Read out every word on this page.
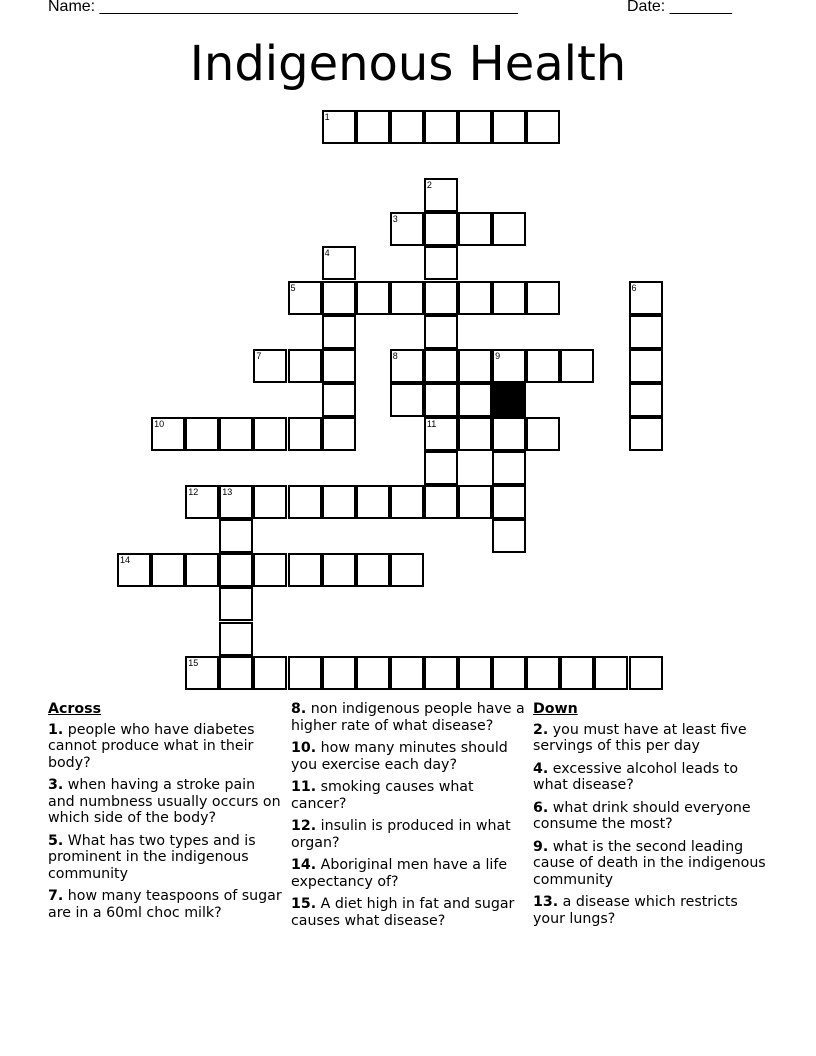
Name: _______________________________________________	Date: _______
Indigenous Health
1
3
5
7	8	9
10	11
12	13
14
15
2
4
6
Across
1. people who have diabetes cannot produce what in their body?
3. when having a stroke pain and numbness usually occurs on which side of the body?
5. What has two types and is prominent in the indigenous community
7. how many teaspoons of sugar are in a 60ml choc milk?
8. non indigenous people have a higher rate of what disease?
10. how many minutes should you exercise each day?
11. smoking causes what cancer?
12. insulin is produced in what organ?
14. Aboriginal men have a life expectancy of?
15. A diet high in fat and sugar causes what disease?
Down
2. you must have at least five servings of this per day
4. excessive alcohol leads to what disease?
6. what drink should everyone consume the most?
9. what is the second leading cause of death in the indigenous community
13. a disease which restricts your lungs?
